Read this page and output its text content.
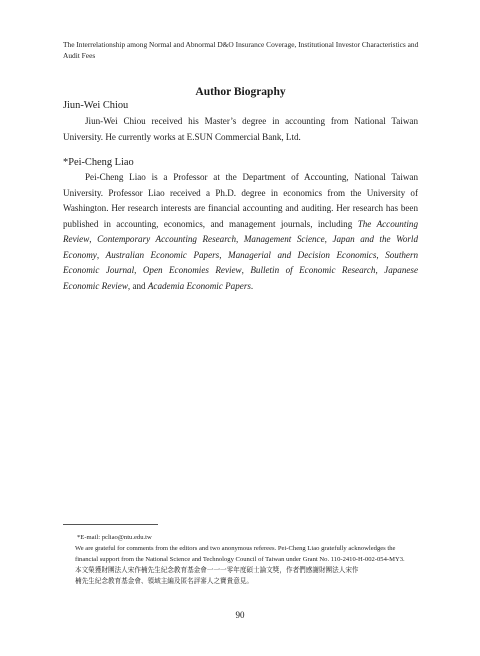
The Interrelationship among Normal and Abnormal D&O Insurance Coverage, Institutional Investor Characteristics and Audit Fees
Author Biography
Jiun-Wei Chiou
Jiun-Wei Chiou received his Master’s degree in accounting from National Taiwan University. He currently works at E.SUN Commercial Bank, Ltd.
*Pei-Cheng Liao
Pei-Cheng Liao is a Professor at the Department of Accounting, National Taiwan University. Professor Liao received a Ph.D. degree in economics from the University of Washington. Her research interests are financial accounting and auditing. Her research has been published in accounting, economics, and management journals, including The Accounting Review, Contemporary Accounting Research, Management Science, Japan and the World Economy, Australian Economic Papers, Managerial and Decision Economics, Southern Economic Journal, Open Economies Review, Bulletin of Economic Research, Japanese Economic Review, and Academia Economic Papers.
*E-mail: pcliao@ntu.edu.tw
We are grateful for comments from the editors and two anonymous referees. Pei-Cheng Liao gratefully acknowledges the financial support from the National Science and Technology Council of Taiwan under Grant No. 110-2410-H-002-054-MY3.
本文榮獲財團法人宋作楠先生紀念教育基金會一一一零年度碩士論文獎，作者們感謝財團法人宋作
楠先生紀念教育基金會、領域主編及匿名評審人之寶貴意見。
90
